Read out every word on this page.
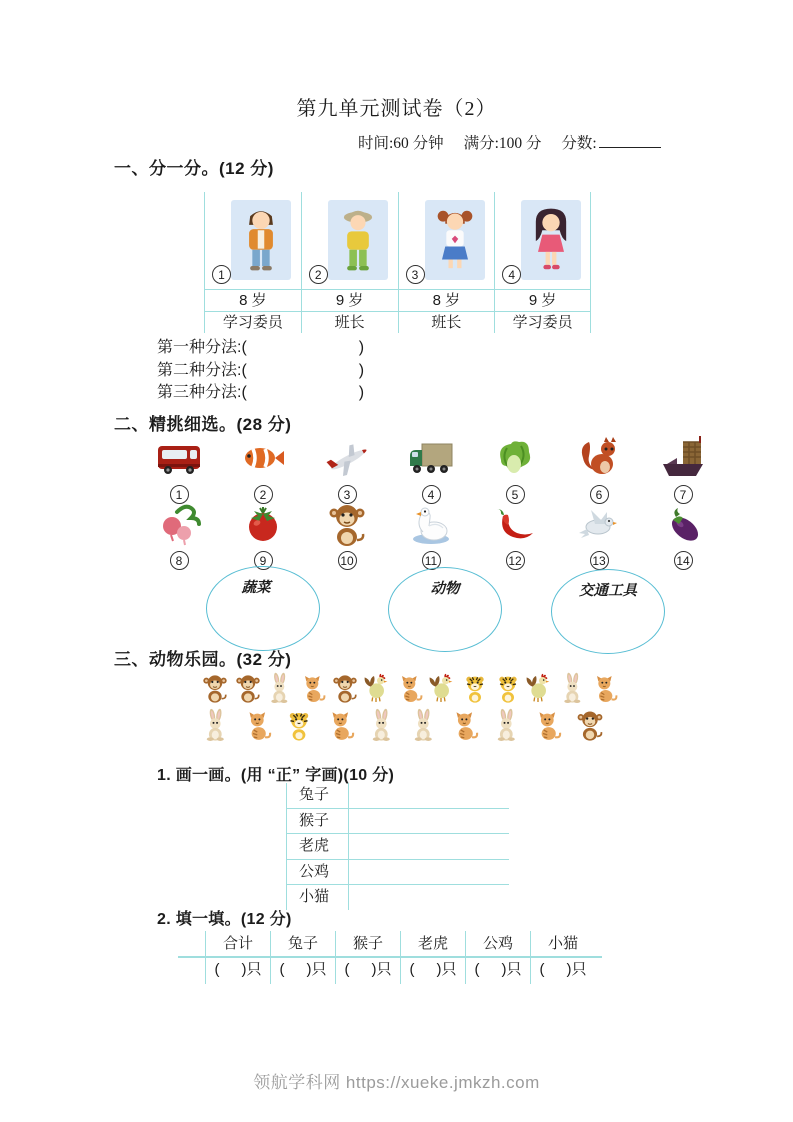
第九单元测试卷（2）
时间:60 分钟 满分:100 分 分数:
一、分一分。(12 分)
1	2	3	4
8 岁	9 岁	8 岁	9 岁
学习委员	班长	班长	学习委员
第一种分法:(	)
第二种分法:(	)
第三种分法:(	)
二、精挑细选。(28 分)
1	2	3	4	5	6	7
8	9	10	11	12	13	14
蔬菜	动物	交通工具
三、动物乐园。(32 分)
1. 画一画。(用 “正” 字画)(10 分)
兔子
猴子
老虎
公鸡
小猫
2. 填一填。(12 分)
合计	兔子	猴子	老虎	公鸡	小猫
( )只	( )只	( )只	( )只	( )只	( )只
领航学科网 https://xueke.jmkzh.com
